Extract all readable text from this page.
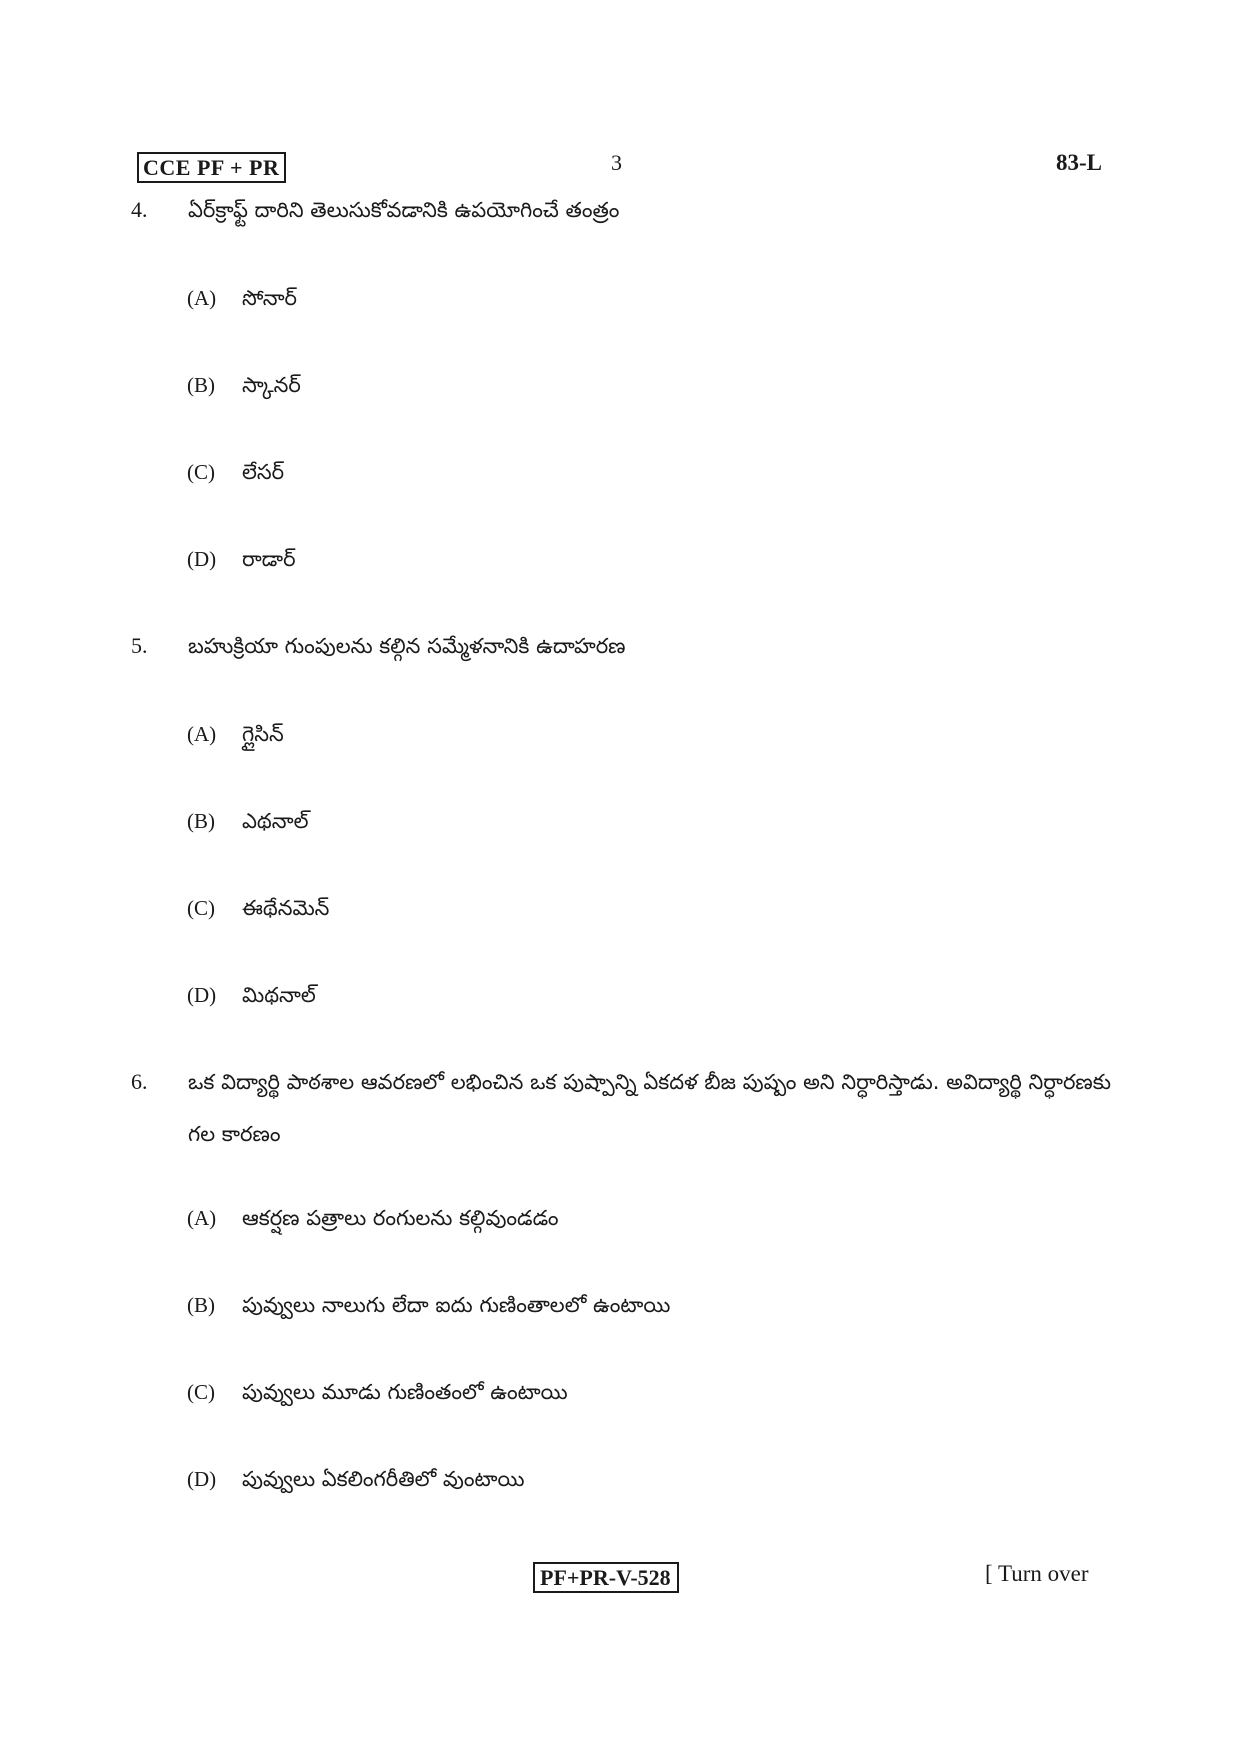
CCE PF + PR	3	83-L
4. ఏర్‌క్రాఫ్ట్ దారిని తెలుసుకోవడానికి ఉపయోగించే తంత్రం
(A) సోనార్
(B) స్కానర్
(C) లేసర్
(D) రాడార్
5. బహుక్రియా గుంపులను కల్గిన సమ్మేళనానికి ఉదాహరణ
(A) గ్లైసిన్
(B) ఎథనాల్
(C) ఈథేనమెన్
(D) మిథనాల్
6. ఒక విద్యార్థి పాఠశాల ఆవరణలో లభించిన ఒక పుష్పాన్ని ఏకదళ బీజ పుష్పం అని నిర్ధారిస్తాడు. అవిద్యార్థి నిర్ధారణకు గల కారణం
(A) ఆకర్షణ పత్రాలు రంగులను కల్గివుండడం
(B) పువ్వులు నాలుగు లేదా ఐదు గుణింతాలలో ఉంటాయి
(C) పువ్వులు మూడు గుణింతంలో ఉంటాయి
(D) పువ్వులు ఏకలింగరీతిలో వుంటాయి
PF+PR-V-528	[ Turn over
